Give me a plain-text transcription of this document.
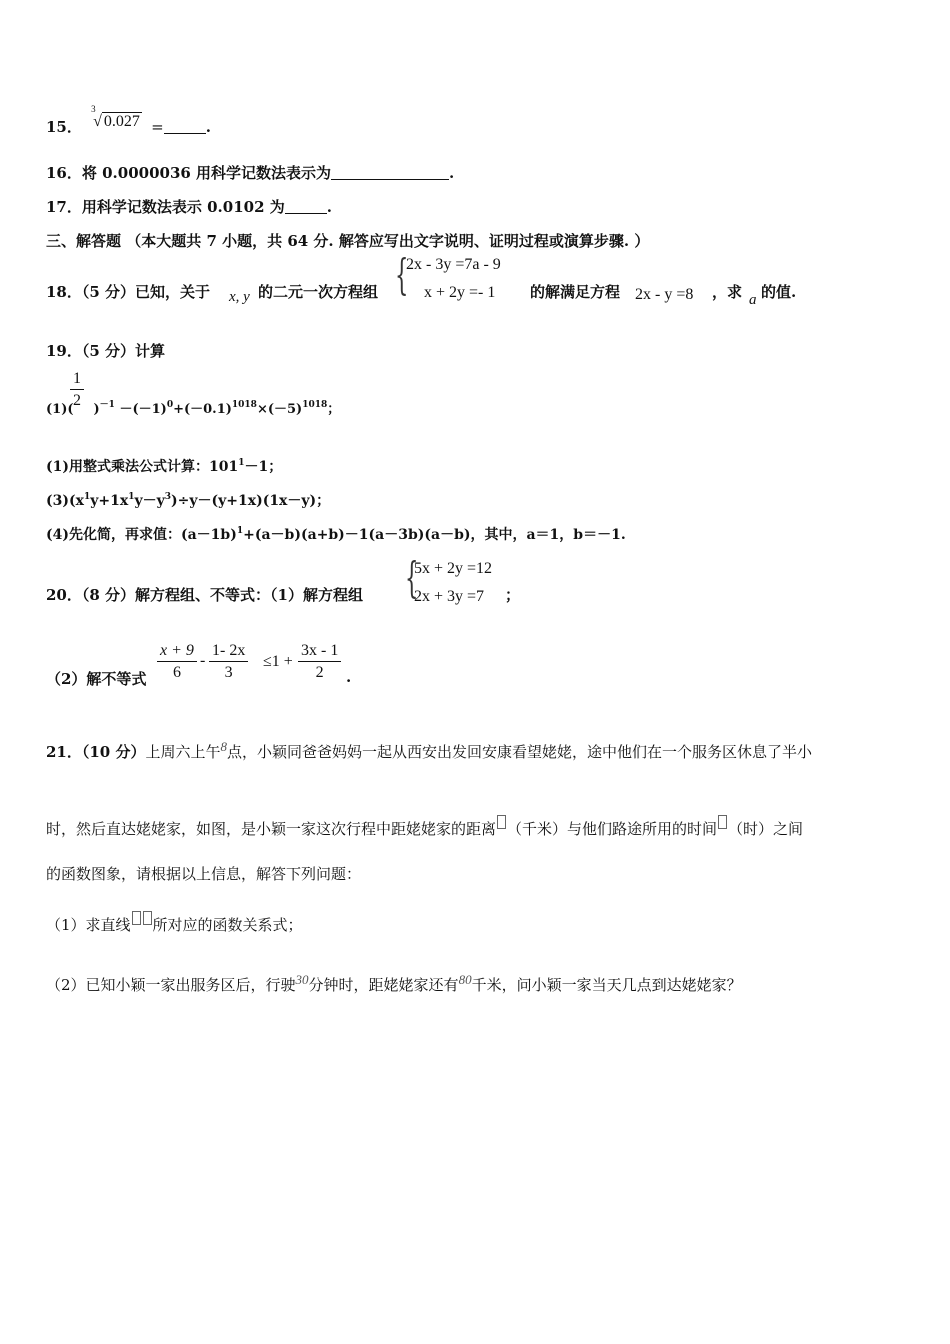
15．
3
√ 0.027 =	.
16．将 0.0000036 用科学记数法表示为	.
17．用科学记数法表示 0.0102 为	.
三、解答题 （本大题共 7 小题，共 64 分. 解答应写出文字说明、证明过程或演算步骤. ）
18．（5 分）已知，关于 x, y 的二元一次方程组 {
2x - 3y =7a - 9
x + 2y =- 1 的解满足方程 2x - y =8 ，求 a 的值.
19．（5 分）计算
$\frac{1}{2}$
(1)( )$^{-1} -(-1)^0+(-0.1)^{1018}\times(-5)^{1018}$；
(1)用整式乘法公式计算：$101^1-1$；
$(3)(x^1y+1x^1y-y^3)\div y-(y+1x)(1x-y)$；
(4)先化简，再求值：$(a-1b)^1+(a-b)(a+b)-1(a-3b)(a-b)$，其中，a＝1，b＝－1.
{
5x + 2y =12
2x + 3y =7
20．（8 分）解方程组、不等式：（1）解方程组	；
（2）解不等式 $\frac{x + 9}{6} - \frac{1- 2x}{3} \le 1 + \frac{3x - 1}{2}$ .
21．（10 分）上周六上午8点，小颖同爸爸妈妈一起从西安出发回安康看望姥姥，途中他们在一个服务区休息了半小
时，然后直达姥姥家，如图，是小颖一家这次行程中距姥姥家的距离 （千米）与他们路途所用的时间 （时）之间
的函数图象，请根据以上信息，解答下列问题：
（1）求直线 所对应的函数关系式；
（2）已知小颖一家出服务区后，行驶30分钟时，距姥姥家还有80千米，问小颖一家当天几点到达姥姥家？
